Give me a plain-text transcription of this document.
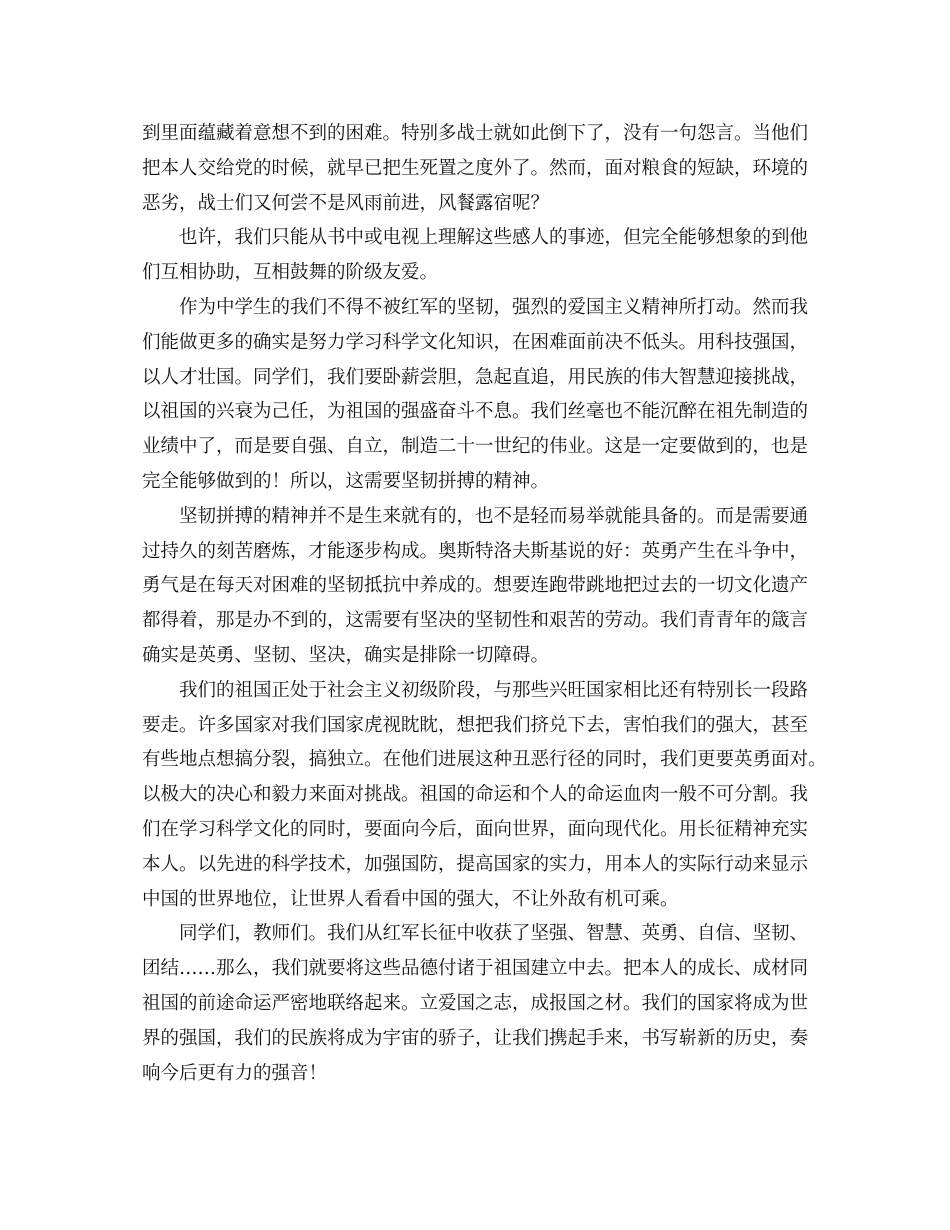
到里面蕴藏着意想不到的困难。特别多战士就如此倒下了，没有一句怨言。当他们
把本人交给党的时候，就早已把生死置之度外了。然而，面对粮食的短缺，环境的
恶劣，战士们又何尝不是风雨前进，风餐露宿呢？
　　也许，我们只能从书中或电视上理解这些感人的事迹，但完全能够想象的到他
们互相协助，互相鼓舞的阶级友爱。
　　作为中学生的我们不得不被红军的坚韧，强烈的爱国主义精神所打动。然而我
们能做更多的确实是努力学习科学文化知识，在困难面前决不低头。用科技强国，
以人才壮国。同学们，我们要卧薪尝胆，急起直追，用民族的伟大智慧迎接挑战，
以祖国的兴衰为己任，为祖国的强盛奋斗不息。我们丝毫也不能沉醉在祖先制造的
业绩中了，而是要自强、自立，制造二十一世纪的伟业。这是一定要做到的，也是
完全能够做到的！所以，这需要坚韧拼搏的精神。
　　坚韧拼搏的精神并不是生来就有的，也不是轻而易举就能具备的。而是需要通
过持久的刻苦磨炼，才能逐步构成。奥斯特洛夫斯基说的好：英勇产生在斗争中，
勇气是在每天对困难的坚韧抵抗中养成的。想要连跑带跳地把过去的一切文化遗产
都得着，那是办不到的，这需要有坚决的坚韧性和艰苦的劳动。我们青青年的箴言
确实是英勇、坚韧、坚决，确实是排除一切障碍。
　　我们的祖国正处于社会主义初级阶段，与那些兴旺国家相比还有特别长一段路
要走。许多国家对我们国家虎视眈眈，想把我们挤兑下去，害怕我们的强大，甚至
有些地点想搞分裂，搞独立。在他们进展这种丑恶行径的同时，我们更要英勇面对。
以极大的决心和毅力来面对挑战。祖国的命运和个人的命运血肉一般不可分割。我
们在学习科学文化的同时，要面向今后，面向世界，面向现代化。用长征精神充实
本人。以先进的科学技术，加强国防，提高国家的实力，用本人的实际行动来显示
中国的世界地位，让世界人看看中国的强大，不让外敌有机可乘。
　　同学们，教师们。我们从红军长征中收获了坚强、智慧、英勇、自信、坚韧、
团结……那么，我们就要将这些品德付诸于祖国建立中去。把本人的成长、成材同
祖国的前途命运严密地联络起来。立爱国之志，成报国之材。我们的国家将成为世
界的强国，我们的民族将成为宇宙的骄子，让我们携起手来，书写崭新的历史，奏
响今后更有力的强音！
